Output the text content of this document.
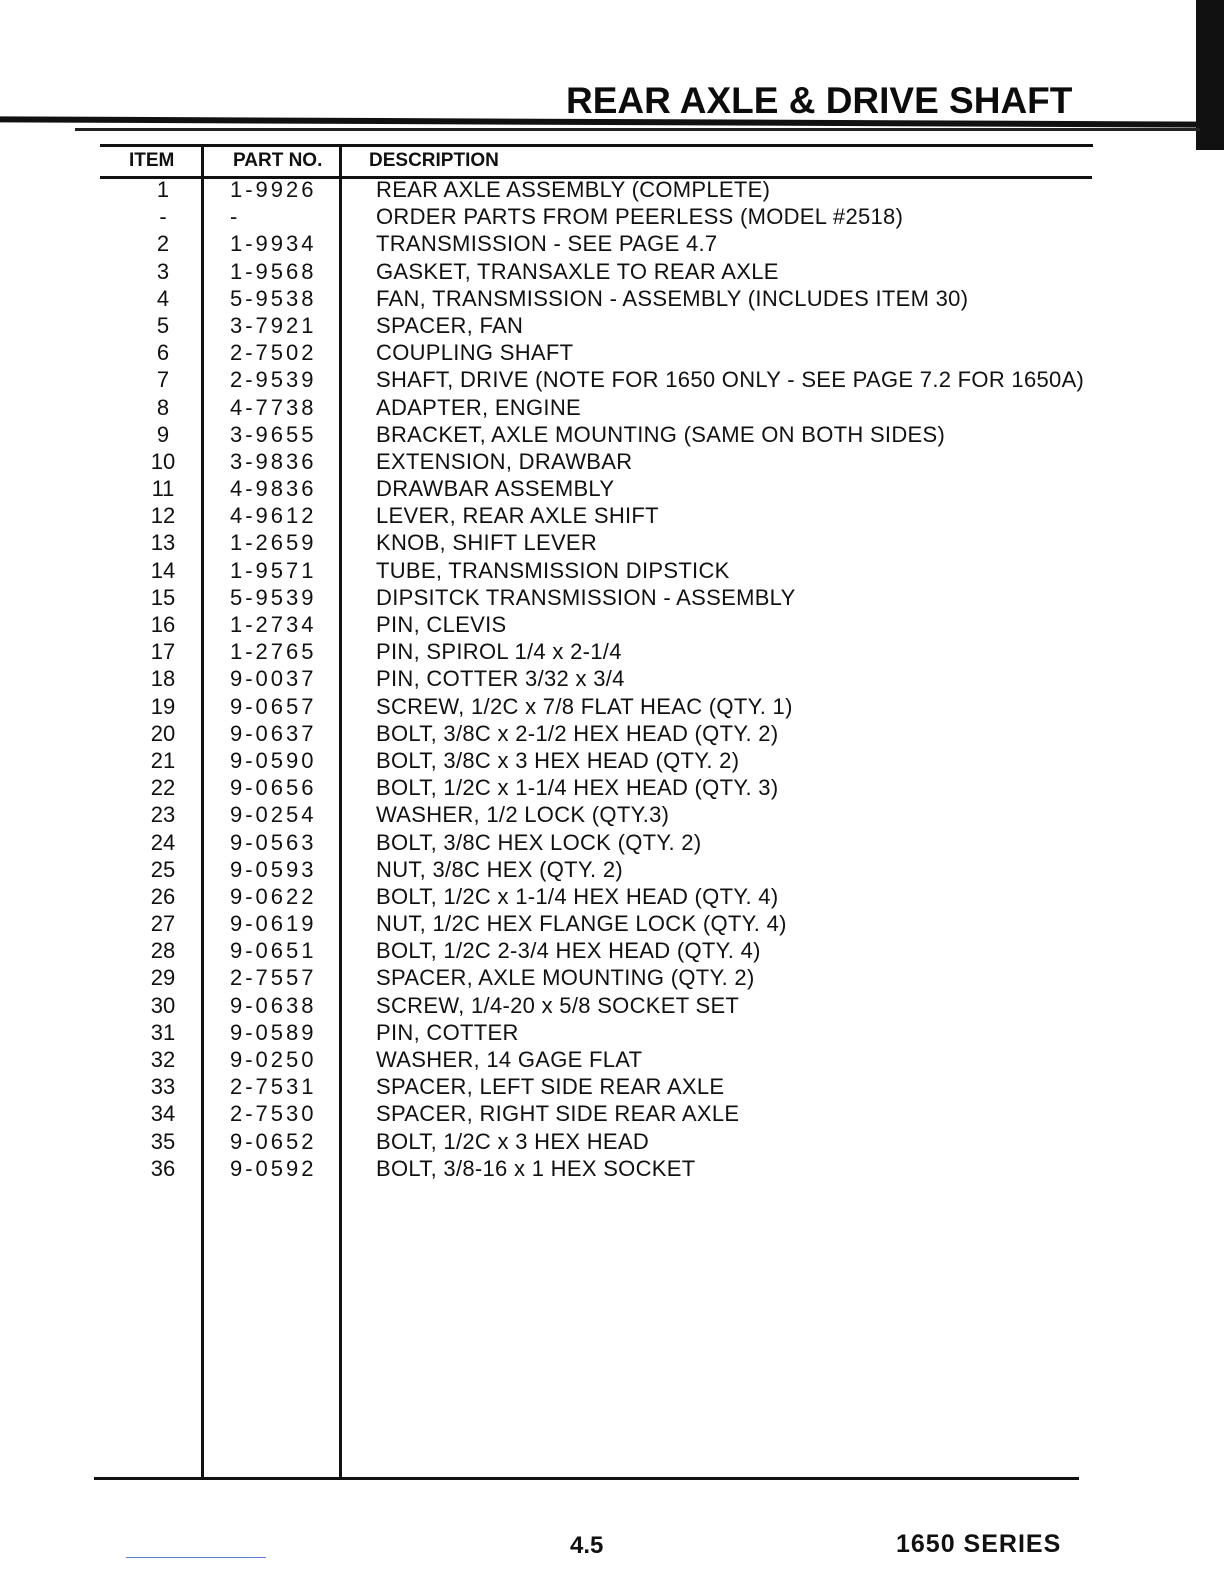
REAR AXLE & DRIVE SHAFT
ITEM	PART NO. DESCRIPTION
1	1-9926	REAR AXLE ASSEMBLY (COMPLETE)
-	-	ORDER PARTS FROM PEERLESS (MODEL #2518)
2	1-9934	TRANSMISSION - SEE PAGE 4.7
3	1-9568	GASKET, TRANSAXLE TO REAR AXLE
4	5-9538	FAN, TRANSMISSION - ASSEMBLY (INCLUDES ITEM 30)
5	3-7921	SPACER, FAN
6	2-7502	COUPLING SHAFT
7	2-9539	SHAFT, DRIVE (NOTE FOR 1650 ONLY - SEE PAGE 7.2 FOR 1650A)
8	4-7738	ADAPTER, ENGINE
9	3-9655	BRACKET, AXLE MOUNTING (SAME ON BOTH SIDES)
10	3-9836	EXTENSION, DRAWBAR
11	4-9836	DRAWBAR ASSEMBLY
12	4-9612	LEVER, REAR AXLE SHIFT
13	1-2659	KNOB, SHIFT LEVER
14	1-9571	TUBE, TRANSMISSION DIPSTICK
15	5-9539	DIPSITCK TRANSMISSION - ASSEMBLY
16	1-2734	PIN, CLEVIS
17	1-2765	PIN, SPIROL 1/4 x 2-1/4
18	9-0037	PIN, COTTER 3/32 x 3/4
19	9-0657	SCREW, 1/2C x 7/8 FLAT HEAC (QTY. 1)
20	9-0637	BOLT, 3/8C x 2-1/2 HEX HEAD (QTY. 2)
21	9-0590	BOLT, 3/8C x 3 HEX HEAD (QTY. 2)
22	9-0656	BOLT, 1/2C x 1-1/4 HEX HEAD (QTY. 3)
23	9-0254	WASHER, 1/2 LOCK (QTY.3)
24	9-0563	BOLT, 3/8C HEX LOCK (QTY. 2)
25	9-0593	NUT, 3/8C HEX (QTY. 2)
26	9-0622	BOLT, 1/2C x 1-1/4 HEX HEAD (QTY. 4)
27	9-0619	NUT, 1/2C HEX FLANGE LOCK (QTY. 4)
28	9-0651	BOLT, 1/2C 2-3/4 HEX HEAD (QTY. 4)
29	2-7557	SPACER, AXLE MOUNTING (QTY. 2)
30	9-0638	SCREW, 1/4-20 x 5/8 SOCKET SET
31	9-0589	PIN, COTTER
32	9-0250	WASHER, 14 GAGE FLAT
33	2-7531	SPACER, LEFT SIDE REAR AXLE
34	2-7530	SPACER, RIGHT SIDE REAR AXLE
35	9-0652	BOLT, 1/2C x 3 HEX HEAD
36	9-0592	BOLT, 3/8-16 x 1 HEX SOCKET
4.5	1650 SERIES
